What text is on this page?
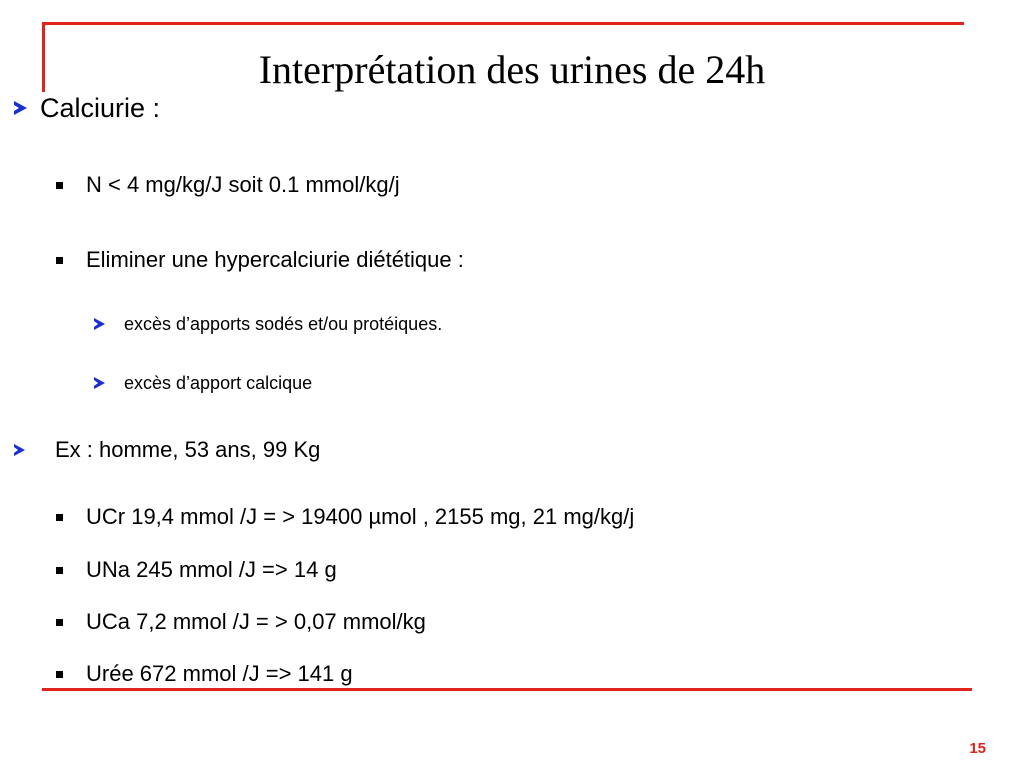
Interprétation des urines de 24h
Calciurie :
N < 4 mg/kg/J soit 0.1 mmol/kg/j
Eliminer une hypercalciurie diététique :
excès d’apports sodés et/ou protéiques.
excès d’apport calcique
Ex : homme, 53 ans, 99 Kg
UCr 19,4 mmol /J = > 19400 µmol , 2155 mg, 21 mg/kg/j
UNa 245 mmol /J => 14 g
UCa 7,2 mmol /J = > 0,07 mmol/kg
Urée 672 mmol /J => 141 g
15
